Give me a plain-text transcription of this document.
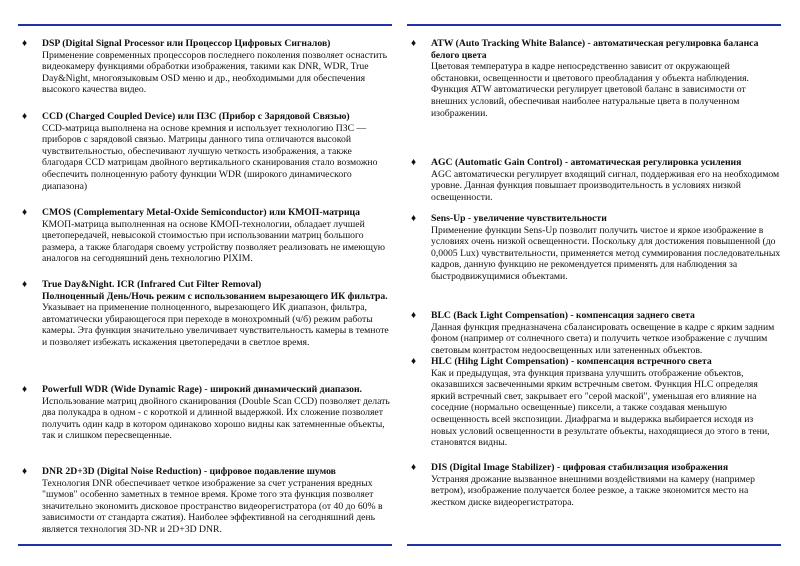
♦ DSP (Digital Signal Processor или Процессор Цифровых Сигналов)
Применение современных процессоров последнего поколения позволяет оснастить видеокамеру функциями обработки изображения, такими как DNR, WDR, True Day&Night, многоязыковым OSD меню и др., необходимыми для обеспечения высокого качества видео.
♦ CCD (Charged Coupled Device) или ПЗС (Прибор с Зарядовой Связью)
CCD-матрица выполнена на основе кремния и использует технологию ПЗС — приборов с зарядовой связью. Матрицы данного типа отличаются высокой чувствительностью, обеспечивают лучшую четкость изображения, а также благодаря CCD матрицам двойного вертикального сканирования стало возможно обеспечить полноценную работу функции WDR (широкого динамического диапазона)
♦ CMOS (Complementary Metal-Oxide Semiconductor) или КМОП-матрица
КМОП-матрица выполненная на основе КМОП-технологии, обладает лучшей цветопередачей, невысокой стоимостью при использовании матриц большого размера, а также благодаря своему устройству позволяет реализовать не имеющую аналогов на сегодняшний день технологию PIXIM.
♦ True Day&Night. ICR (Infrared Cut Filter Removal)
Полноценный День/Ночь режим с использованием вырезающего ИК фильтра.
Указывает на применение полноценного, вырезающего ИК диапазон, фильтра, автоматически убирающегося при переходе в монохромный (ч/б) режим работы камеры. Эта функция значительно увеличивает чувствительность камеры в темноте и позволяет избежать искажения цветопередачи в светлое время.
♦ Powerfull WDR (Wide Dynamic Rage) - широкий динамический диапазон.
Использование матриц двойного сканирования (Double Scan CCD) позволяет делать два полукадра в одном - с короткой и длинной выдержкой. Их сложение позволяет получить один кадр в котором одинаково хорошо видны как затемненные объекты, так и слишком пересвещенные.
♦ DNR 2D+3D (Digital Noise Reduction) - цифровое подавление шумов
Технология DNR обеспечивает четкое изображение за счет устранения вредных "шумов" особенно заметных в темное время. Кроме того эта функция позволяет значительно экономить дисковое пространство видеорегистратора (от 40 до 60% в зависимости от стандарта сжатия). Наиболее эффективной на сегодняшний день является технология 3D-NR и 2D+3D DNR.
♦ ATW (Auto Tracking White Balance) - автоматическая регулировка баланса белого цвета
Цветовая температура в кадре непосредственно зависит от окружающей обстановки, освещенности и цветового преобладания у объекта наблюдения. Функция ATW автоматически регулирует цветовой баланс в зависимости от внешних условий, обеспечивая наиболее натуральные цвета в полученном изображении.
♦ AGC (Automatic Gain Control) - автоматическая регулировка усиления
AGC автоматически регулирует входящий сигнал, поддерживая его на необходимом уровне. Данная функция повышает производительность в условиях низкой освещенности.
♦ Sens-Up - увеличение чувствительности
Применение функции Sens-Up позволит получить чистое и яркое изображение в условиях очень низкой освещенности. Поскольку для достижения повышенной (до 0,0005 Lux) чувствительности, применяется метод суммирования последовательных кадров, данную функцию не рекомендуется применять для наблюдения за быстродвижущимися объектами.
♦ BLC (Back Light Compensation) - компенсация заднего света
Данная функция предназначена сбалансировать освещение в кадре с ярким задним фоном (например от солнечного света) и получить четкое изображение с лучшим световым контрастом недоосвещенных или затененных объектов.
♦ HLC (Hihg Light Compensation) - компенсация встречного света
Как и предыдущая, эта функция призвана улучшить отображение объектов, оказавшихся засвеченными ярким встречным светом. Функция HLC определяя яркий встречный свет, закрывает его "серой маской", уменьшая его влияние на соседние (нормально освещенные) пиксели, а также создавая меньшую освещенность всей экспозиции. Диафрагма и выдержка выбирается исходя из новых условий освещенности в результате объекты, находящиеся до этого в тени, становятся видны.
♦ DIS (Digital Image Stabilizer) - цифровая стабилизация изображения
Устраняя дрожание вызванное внешними воздействиями на камеру (например ветром), изображение получается более резкое, а также экономится место на жестком диске видеорегистратора.
